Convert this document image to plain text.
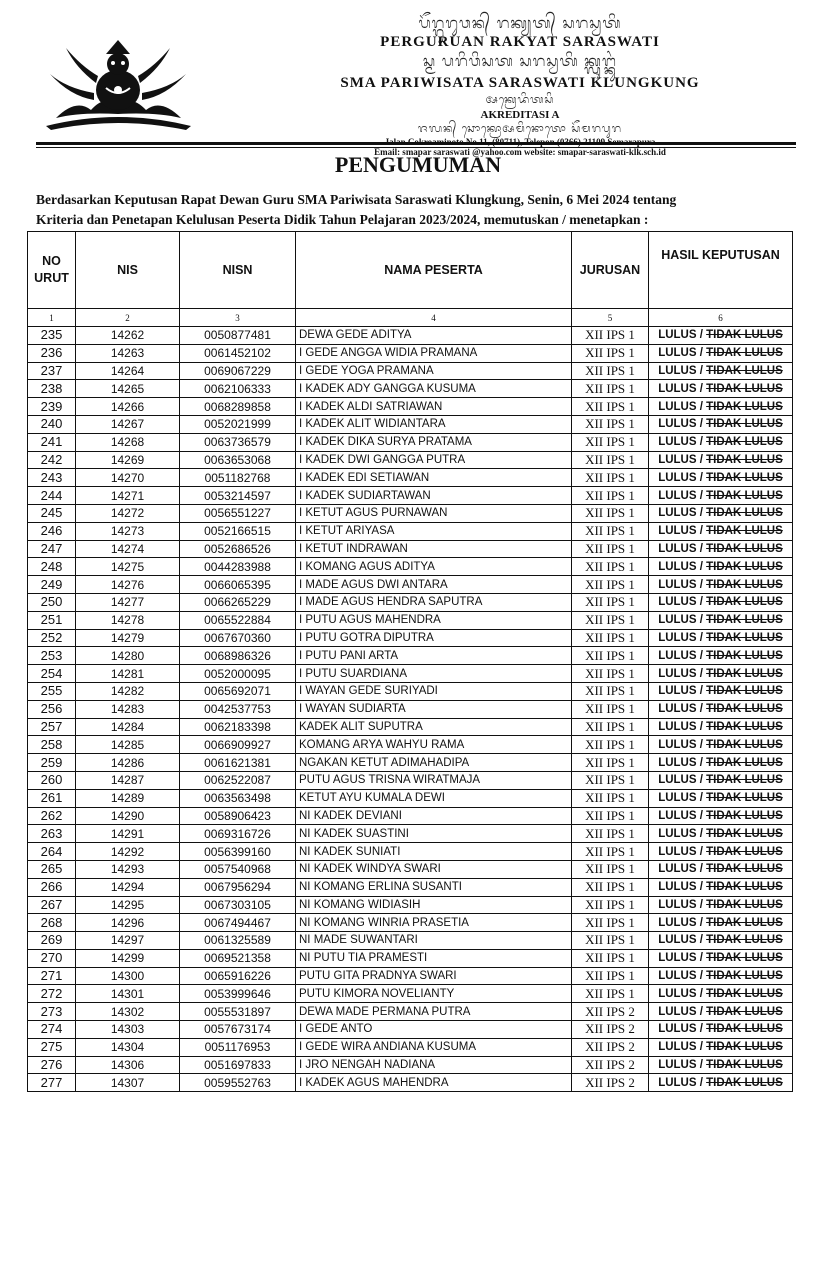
ᬧᭂᬭ᭄ᬕᬸᬭᬸᬯᬦ᭄ ᬭᬓ᭄ᬬᬢ᭄ ᬲᬭᬲ᭄ᬯᬢᬶ
PERGURUAN RAKYAT SARASWATI
ᬲ᭄ᬫ ᬧᬭᬶᬯᬶᬲᬢ ᬲᬭᬲ᭄ᬯᬢᬶ ᬓ᭄ᬮᬸᬗ᭄ᬓᬸᬂ
SMA PARIWISATA SARASWATI KLUNGKUNG
ᬅᬓ᭄ᬭᬾᬤᬶᬢᬲᬶ
AKREDITASI A
ᬚᬮᬦ᭄ ᬘᭀᬓ᭄ᬭᭀᬅᬫᬶᬦᭀᬢᭀ ᬲᭂᬫᬭᬧᬸᬭ
Jalan Cokroaminoto No 11, (80711), Telepon (0366) 21109 Semarapura
Email: smapar saraswati @yahoo.com website: smapar-saraswati-klk.sch.id
PENGUMUMAN
Berdasarkan Keputusan Rapat Dewan Guru SMA Pariwisata Saraswati Klungkung, Senin, 6 Mei 2024 tentang
Kriteria dan Penetapan Kelulusan Peserta Didik Tahun Pelajaran 2023/2024, memutuskan / menetapkan :
NO URUT	NIS	NISN	NAMA PESERTA	JURUSAN	HASIL KEPUTUSAN
1	2	3	4	5	6
235	14262	0050877481	DEWA GEDE ADITYA	XII IPS 1	LULUS / TIDAK LULUS
236	14263	0061452102	I GEDE ANGGA WIDIA PRAMANA	XII IPS 1	LULUS / TIDAK LULUS
237	14264	0069067229	I GEDE YOGA PRAMANA	XII IPS 1	LULUS / TIDAK LULUS
238	14265	0062106333	I KADEK ADY GANGGA KUSUMA	XII IPS 1	LULUS / TIDAK LULUS
239	14266	0068289858	I KADEK ALDI SATRIAWAN	XII IPS 1	LULUS / TIDAK LULUS
240	14267	0052021999	I KADEK ALIT WIDIANTARA	XII IPS 1	LULUS / TIDAK LULUS
241	14268	0063736579	I KADEK DIKA SURYA PRATAMA	XII IPS 1	LULUS / TIDAK LULUS
242	14269	0063653068	I KADEK DWI GANGGA PUTRA	XII IPS 1	LULUS / TIDAK LULUS
243	14270	0051182768	I KADEK EDI SETIAWAN	XII IPS 1	LULUS / TIDAK LULUS
244	14271	0053214597	I KADEK SUDIARTAWAN	XII IPS 1	LULUS / TIDAK LULUS
245	14272	0056551227	I KETUT AGUS PURNAWAN	XII IPS 1	LULUS / TIDAK LULUS
246	14273	0052166515	I KETUT ARIYASA	XII IPS 1	LULUS / TIDAK LULUS
247	14274	0052686526	I KETUT INDRAWAN	XII IPS 1	LULUS / TIDAK LULUS
248	14275	0044283988	I KOMANG AGUS ADITYA	XII IPS 1	LULUS / TIDAK LULUS
249	14276	0066065395	I MADE AGUS DWI ANTARA	XII IPS 1	LULUS / TIDAK LULUS
250	14277	0066265229	I MADE AGUS HENDRA SAPUTRA	XII IPS 1	LULUS / TIDAK LULUS
251	14278	0065522884	I PUTU AGUS MAHENDRA	XII IPS 1	LULUS / TIDAK LULUS
252	14279	0067670360	I PUTU GOTRA DIPUTRA	XII IPS 1	LULUS / TIDAK LULUS
253	14280	0068986326	I PUTU PANI ARTA	XII IPS 1	LULUS / TIDAK LULUS
254	14281	0052000095	I PUTU SUARDIANA	XII IPS 1	LULUS / TIDAK LULUS
255	14282	0065692071	I WAYAN GEDE SURIYADI	XII IPS 1	LULUS / TIDAK LULUS
256	14283	0042537753	I WAYAN SUDIARTA	XII IPS 1	LULUS / TIDAK LULUS
257	14284	0062183398	KADEK ALIT SUPUTRA	XII IPS 1	LULUS / TIDAK LULUS
258	14285	0066909927	KOMANG ARYA WAHYU RAMA	XII IPS 1	LULUS / TIDAK LULUS
259	14286	0061621381	NGAKAN KETUT ADIMAHADIPA	XII IPS 1	LULUS / TIDAK LULUS
260	14287	0062522087	PUTU AGUS TRISNA WIRATMAJA	XII IPS 1	LULUS / TIDAK LULUS
261	14289	0063563498	KETUT AYU KUMALA DEWI	XII IPS 1	LULUS / TIDAK LULUS
262	14290	0058906423	NI KADEK DEVIANI	XII IPS 1	LULUS / TIDAK LULUS
263	14291	0069316726	NI KADEK SUASTINI	XII IPS 1	LULUS / TIDAK LULUS
264	14292	0056399160	NI KADEK SUNIATI	XII IPS 1	LULUS / TIDAK LULUS
265	14293	0057540968	NI KADEK WINDYA SWARI	XII IPS 1	LULUS / TIDAK LULUS
266	14294	0067956294	NI KOMANG ERLINA SUSANTI	XII IPS 1	LULUS / TIDAK LULUS
267	14295	0067303105	NI KOMANG WIDIASIH	XII IPS 1	LULUS / TIDAK LULUS
268	14296	0067494467	NI KOMANG WINRIA PRASETIA	XII IPS 1	LULUS / TIDAK LULUS
269	14297	0061325589	NI MADE SUWANTARI	XII IPS 1	LULUS / TIDAK LULUS
270	14299	0069521358	NI PUTU TIA PRAMESTI	XII IPS 1	LULUS / TIDAK LULUS
271	14300	0065916226	PUTU GITA PRADNYA SWARI	XII IPS 1	LULUS / TIDAK LULUS
272	14301	0053999646	PUTU KIMORA NOVELIANTY	XII IPS 1	LULUS / TIDAK LULUS
273	14302	0055531897	DEWA MADE PERMANA PUTRA	XII IPS 2	LULUS / TIDAK LULUS
274	14303	0057673174	I GEDE ANTO	XII IPS 2	LULUS / TIDAK LULUS
275	14304	0051176953	I GEDE WIRA ANDIANA KUSUMA	XII IPS 2	LULUS / TIDAK LULUS
276	14306	0051697833	I JRO NENGAH NADIANA	XII IPS 2	LULUS / TIDAK LULUS
277	14307	0059552763	I KADEK AGUS MAHENDRA	XII IPS 2	LULUS / TIDAK LULUS
